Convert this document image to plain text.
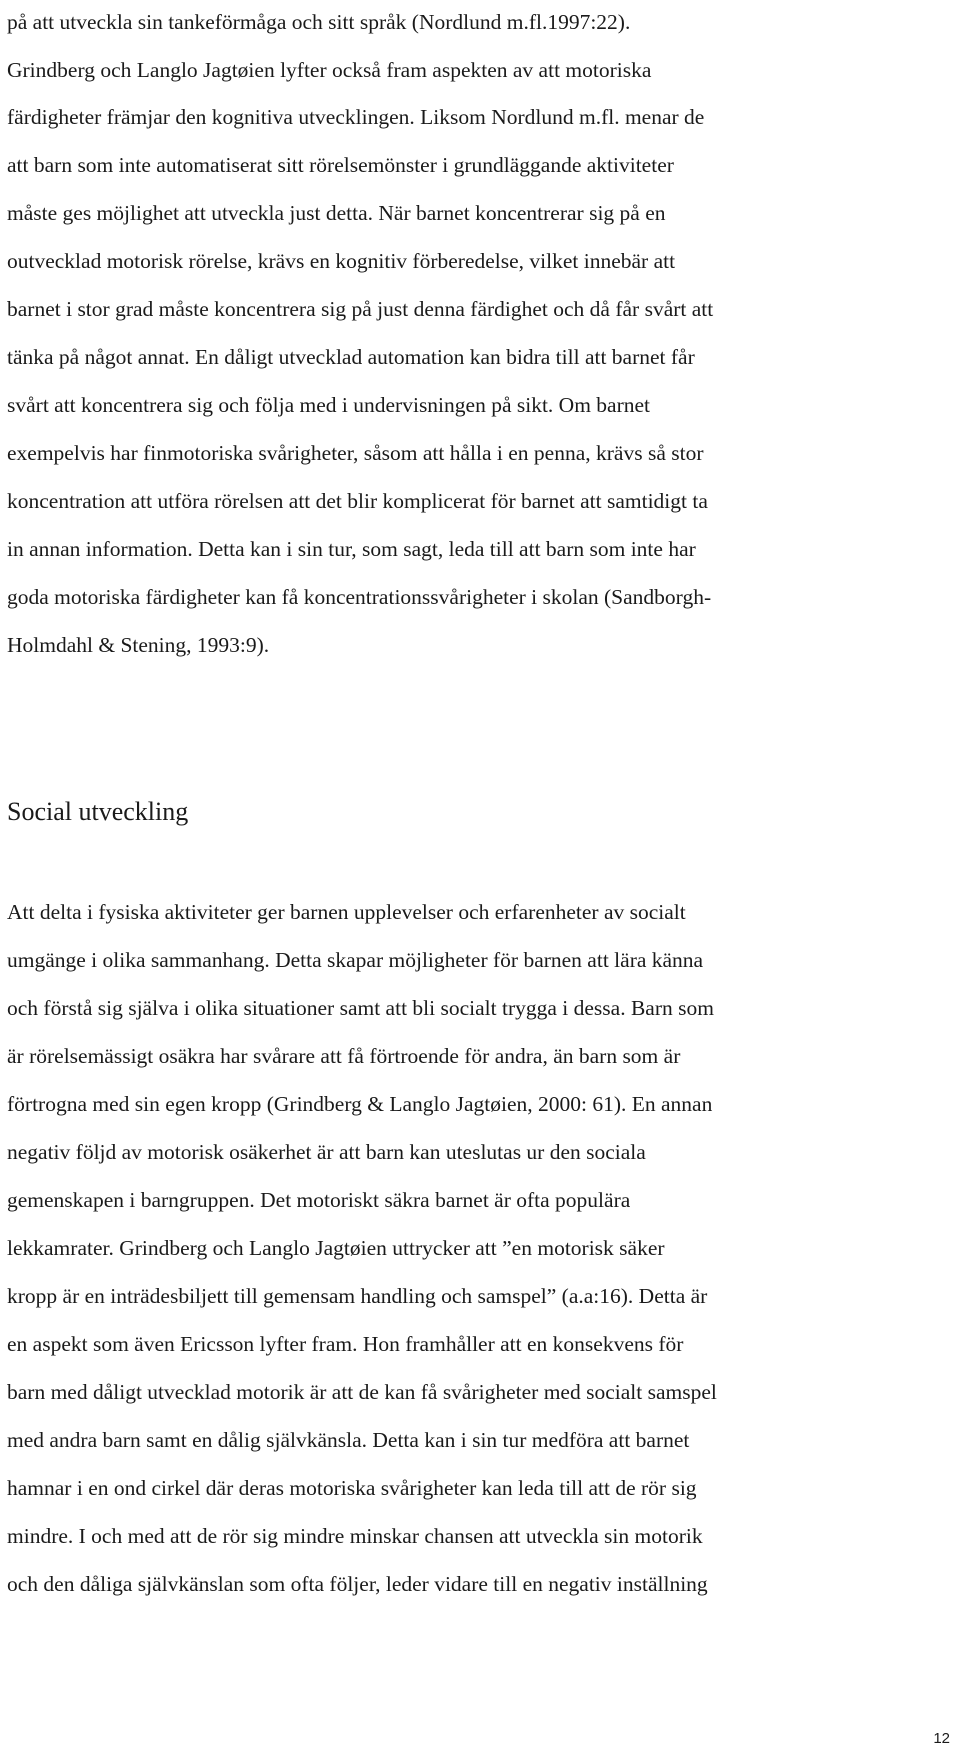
på att utveckla sin tankeförmåga och sitt språk (Nordlund m.fl.1997:22).
Grindberg och Langlo Jagtøien lyfter också fram aspekten av att motoriska
färdigheter främjar den kognitiva utvecklingen. Liksom Nordlund m.fl. menar de
att barn som inte automatiserat sitt rörelsemönster i grundläggande aktiviteter
måste ges möjlighet att utveckla just detta. När barnet koncentrerar sig på en
outvecklad motorisk rörelse, krävs en kognitiv förberedelse, vilket innebär att
barnet i stor grad måste koncentrera sig på just denna färdighet och då får svårt att
tänka på något annat. En dåligt utvecklad automation kan bidra till att barnet får
svårt att koncentrera sig och följa med i undervisningen på sikt. Om barnet
exempelvis har finmotoriska svårigheter, såsom att hålla i en penna, krävs så stor
koncentration att utföra rörelsen att det blir komplicerat för barnet att samtidigt ta
in annan information. Detta kan i sin tur, som sagt, leda till att barn som inte har
goda motoriska färdigheter kan få koncentrationssvårigheter i skolan (Sandborgh-
Holmdahl & Stening, 1993:9).
Social utveckling
Att delta i fysiska aktiviteter ger barnen upplevelser och erfarenheter av socialt
umgänge i olika sammanhang. Detta skapar möjligheter för barnen att lära känna
och förstå sig själva i olika situationer samt att bli socialt trygga i dessa. Barn som
är rörelsemässigt osäkra har svårare att få förtroende för andra, än barn som är
förtrogna med sin egen kropp (Grindberg & Langlo Jagtøien, 2000: 61). En annan
negativ följd av motorisk osäkerhet är att barn kan uteslutas ur den sociala
gemenskapen i barngruppen. Det motoriskt säkra barnet är ofta populära
lekkamrater. Grindberg och Langlo Jagtøien uttrycker att ”en motorisk säker
kropp är en inträdesbiljett till gemensam handling och samspel” (a.a:16). Detta är
en aspekt som även Ericsson lyfter fram. Hon framhåller att en konsekvens för
barn med dåligt utvecklad motorik är att de kan få svårigheter med socialt samspel
med andra barn samt en dålig självkänsla. Detta kan i sin tur medföra att barnet
hamnar i en ond cirkel där deras motoriska svårigheter kan leda till att de rör sig
mindre. I och med att de rör sig mindre minskar chansen att utveckla sin motorik
och den dåliga självkänslan som ofta följer, leder vidare till en negativ inställning
12
